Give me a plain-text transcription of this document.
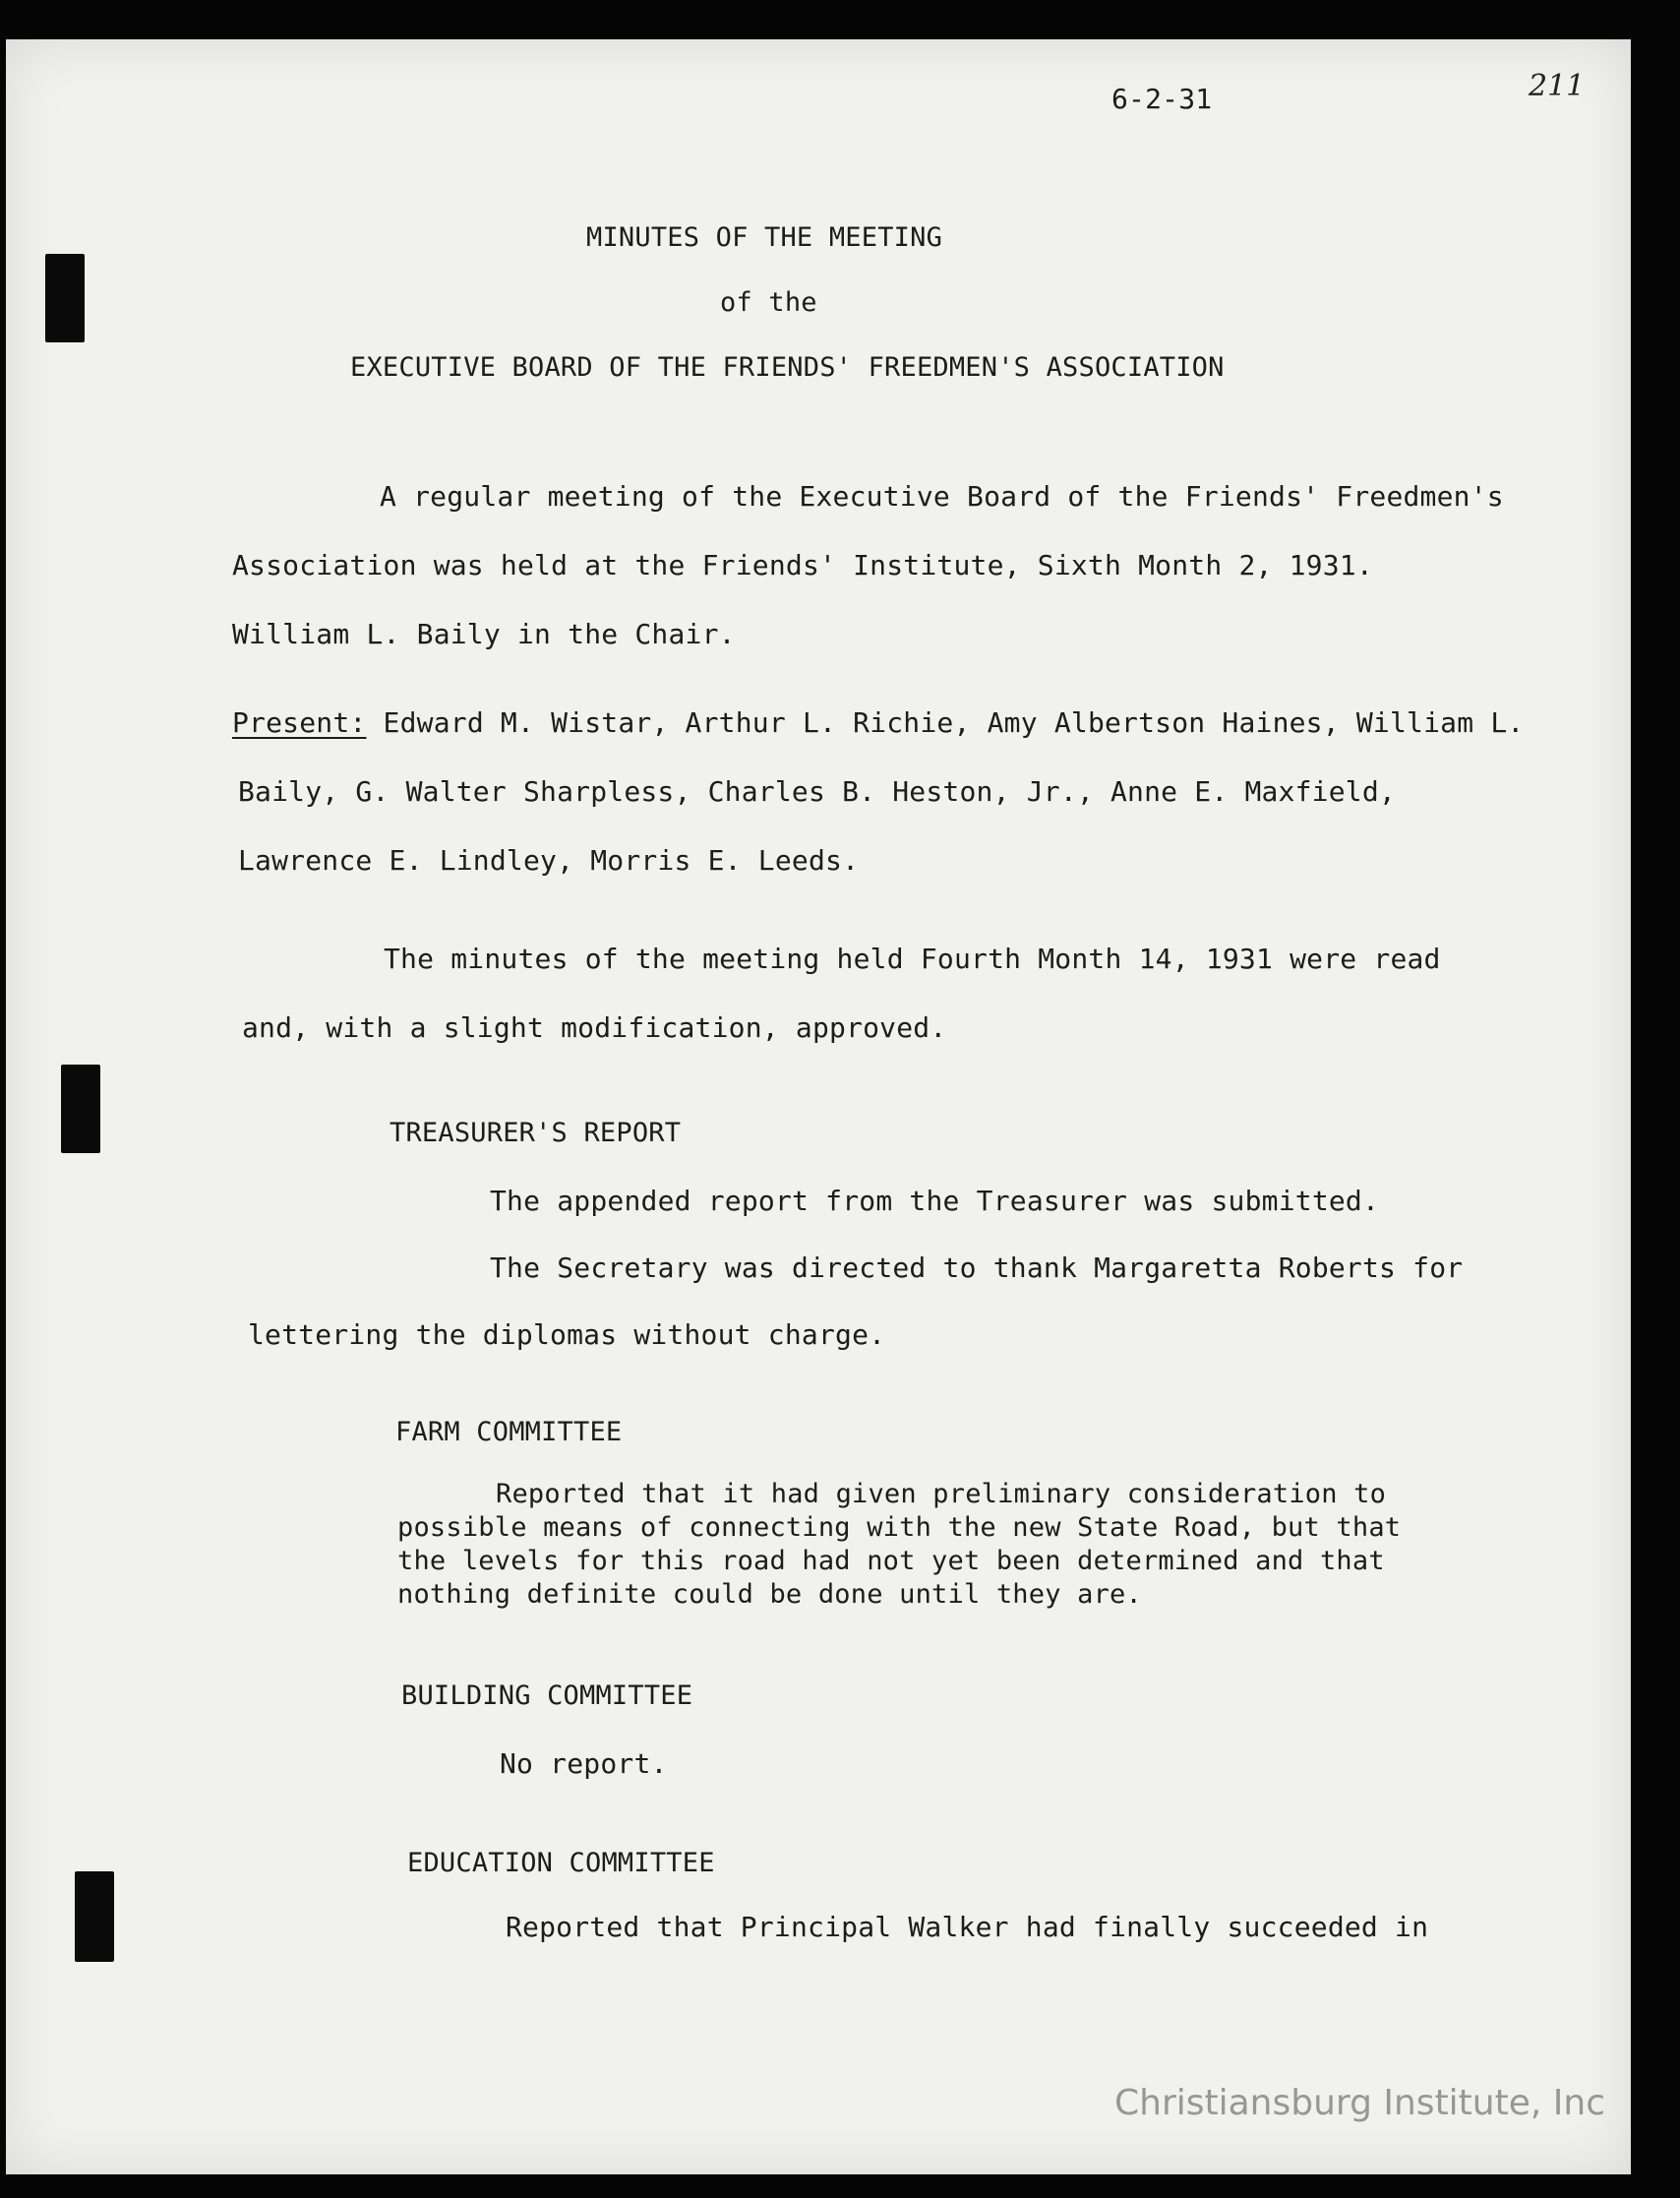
211
6-2-31
MINUTES OF THE MEETING
of the
EXECUTIVE BOARD OF THE FRIENDS' FREEDMEN'S ASSOCIATION
A regular meeting of the Executive Board of the Friends' Freedmen's
Association was held at the Friends' Institute, Sixth Month 2, 1931.
William L. Baily in the Chair.
Present: Edward M. Wistar, Arthur L. Richie, Amy Albertson Haines, William L.
Baily, G. Walter Sharpless, Charles B. Heston, Jr., Anne E. Maxfield,
Lawrence E. Lindley, Morris E. Leeds.
The minutes of the meeting held Fourth Month 14, 1931 were read
and, with a slight modification, approved.
TREASURER'S REPORT
The appended report from the Treasurer was submitted.
The Secretary was directed to thank Margaretta Roberts for
lettering the diplomas without charge.
FARM COMMITTEE
Reported that it had given preliminary consideration to
possible means of connecting with the new State Road, but that
the levels for this road had not yet been determined and that
nothing definite could be done until they are.
BUILDING COMMITTEE
No report.
EDUCATION COMMITTEE
Reported that Principal Walker had finally succeeded in
Christiansburg Institute, Inc
